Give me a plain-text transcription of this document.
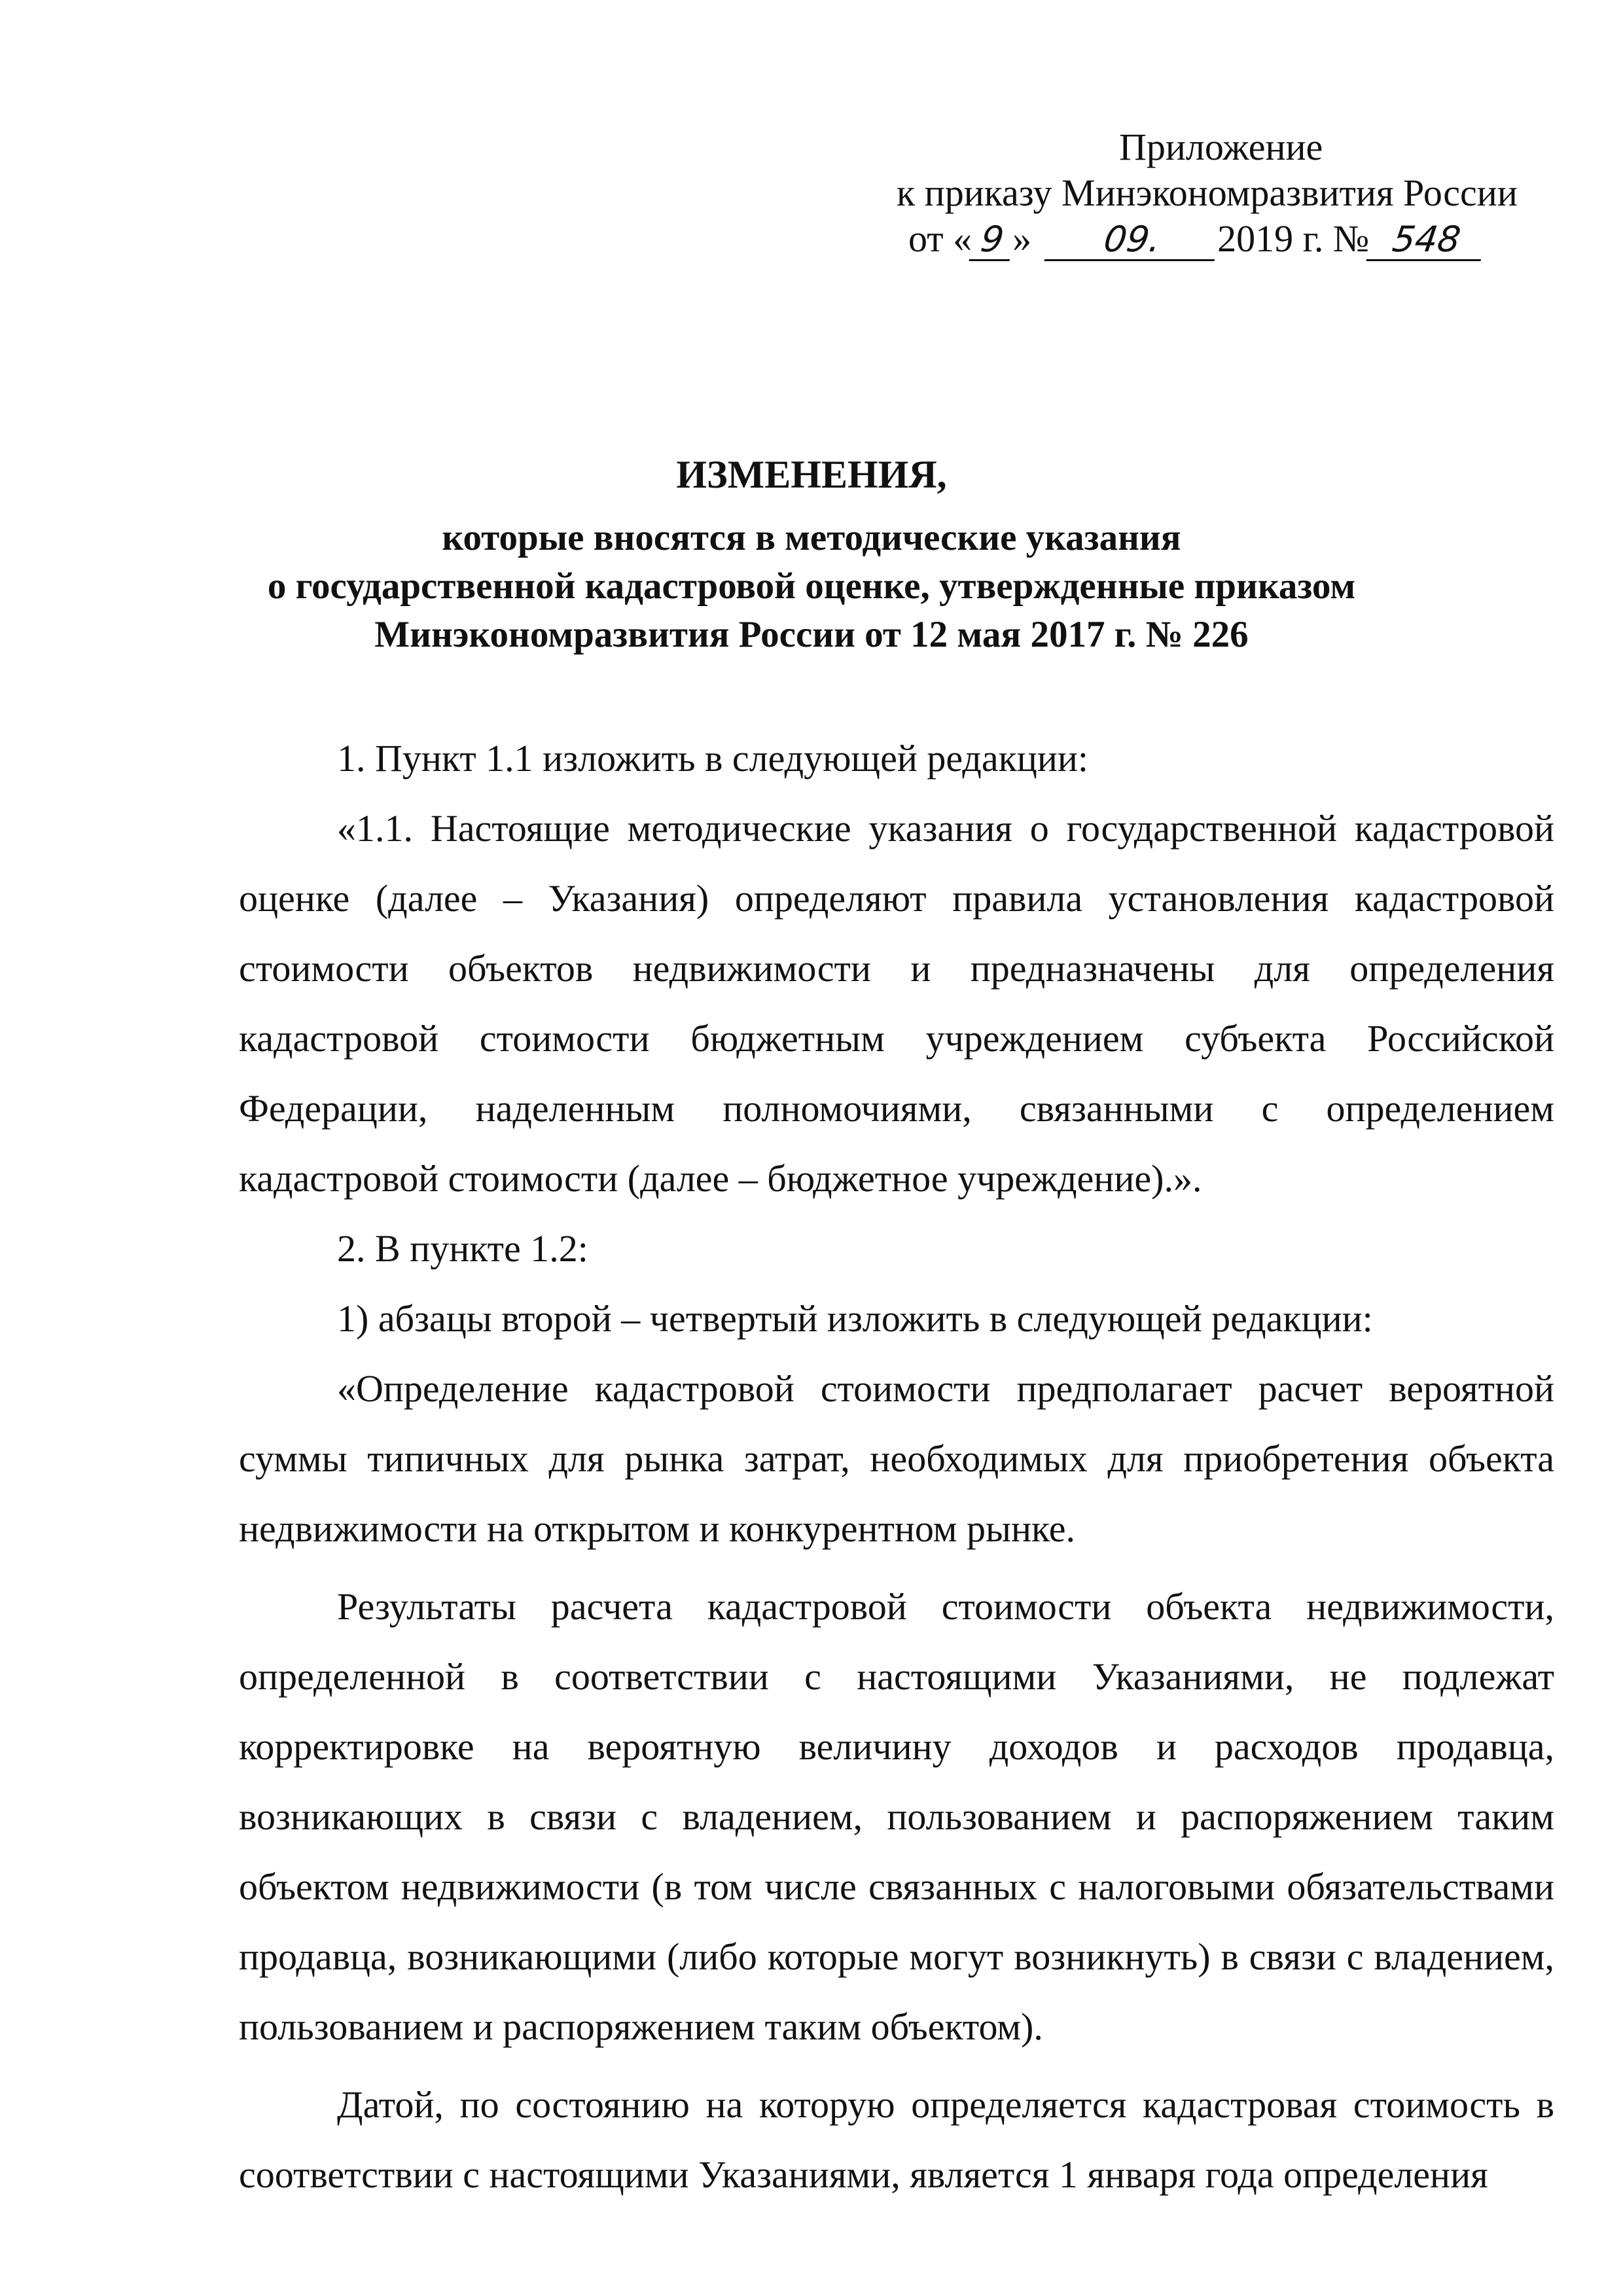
Приложение
к приказу Минэкономразвития России
от « 9 » 09. 2019 г. № 548
ИЗМЕНЕНИЯ,
которые вносятся в методические указания
о государственной кадастровой оценке, утвержденные приказом
Минэкономразвития России от 12 мая 2017 г. № 226

1. Пункт 1.1 изложить в следующей редакции:

«1.1. Настоящие методические указания о государственной кадастровой оценке (далее – Указания) определяют правила установления кадастровой стоимости объектов недвижимости и предназначены для определения кадастровой стоимости бюджетным учреждением субъекта Российской Федерации, наделенным полномочиями, связанными с определением кадастровой стоимости (далее – бюджетное учреждение).».

2. В пункте 1.2:

1) абзацы второй – четвертый изложить в следующей редакции:

«Определение кадастровой стоимости предполагает расчет вероятной суммы типичных для рынка затрат, необходимых для приобретения объекта недвижимости на открытом и конкурентном рынке.

Результаты расчета кадастровой стоимости объекта недвижимости, определенной в соответствии с настоящими Указаниями, не подлежат корректировке на вероятную величину доходов и расходов продавца, возникающих в связи с владением, пользованием и распоряжением таким объектом недвижимости (в том числе связанных с налоговыми обязательствами продавца, возникающими (либо которые могут возникнуть) в связи с владением, пользованием и распоряжением таким объектом).

Датой, по состоянию на которую определяется кадастровая стоимость в соответствии с настоящими Указаниями, является 1 января года определения
